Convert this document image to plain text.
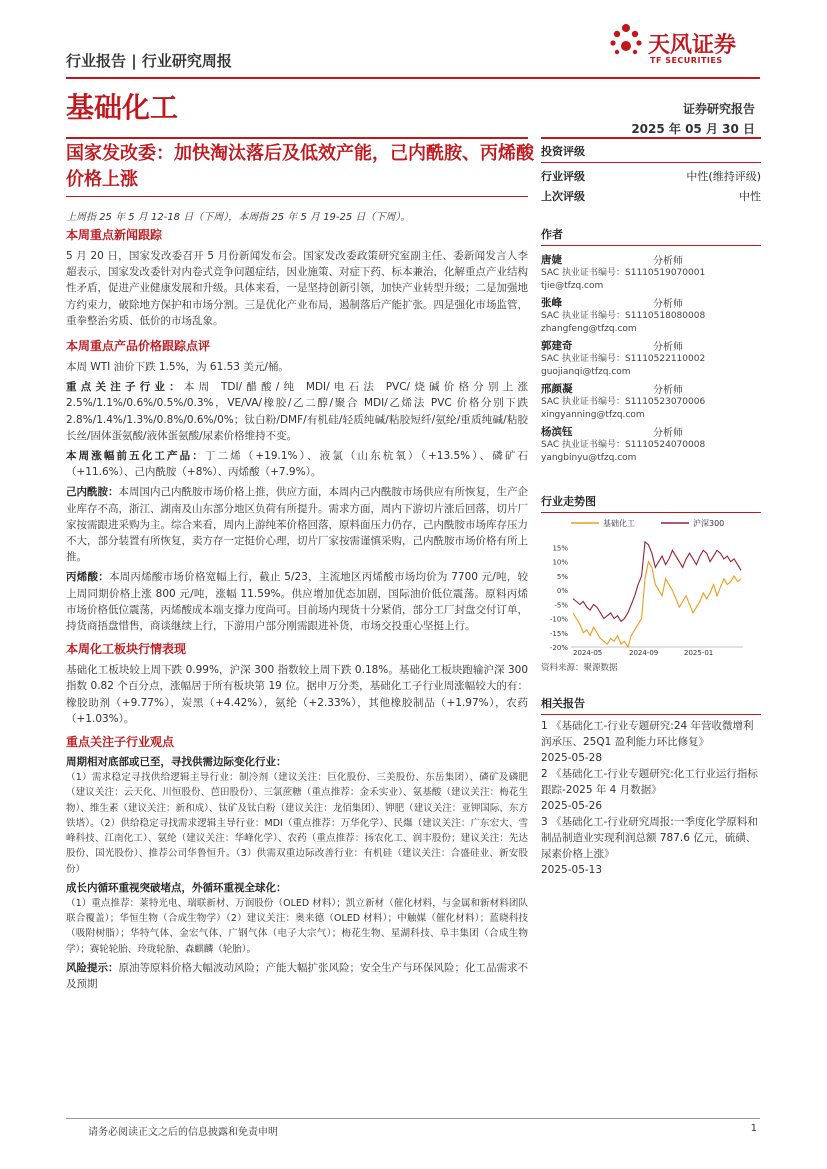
行业报告 | 行业研究周报
天风证券
TF SECURITIES
基础化工	证券研究报告
2025 年 05 月 30 日
国家发改委：加快淘汰落后及低效产能，己内酰胺、丙烯酸价格上涨
上周指 25 年 5 月 12-18 日（下周），本周指 25 年 5 月 19-25 日（下周）。
本周重点新闻跟踪
5 月 20 日，国家发改委召开 5 月份新闻发布会。国家发改委政策研究室副主任、委新闻发言人李超表示，国家发改委针对内卷式竞争问题症结，因业施策、对症下药、标本兼治，化解重点产业结构性矛盾，促进产业健康发展和升级。具体来看，一是坚持创新引领，加快产业转型升级；二是加强地方约束力，破除地方保护和市场分割。三是优化产业布局，遏制落后产能扩张。四是强化市场监管，重拳整治劣质、低价的市场乱象。
本周重点产品价格跟踪点评
本周 WTI 油价下跌 1.5%，为 61.53 美元/桶。
重点关注子行业：本周 TDI/醋酸/纯 MDI/电石法 PVC/烧碱价格分别上涨 2.5%/1.1%/0.6%/0.5%/0.3%，VE/VA/橡胶/乙二醇/聚合 MDI/乙烯法 PVC 价格分别下跌 2.8%/1.4%/1.3%/0.8%/0.6%/0%；钛白粉/DMF/有机硅/轻质纯碱/粘胶短纤/氨纶/重质纯碱/粘胶长丝/固体蛋氨酸/液体蛋氨酸/尿素价格维持不变。
本周涨幅前五化工产品：丁二烯（+19.1%）、液氯（山东杭氧）（+13.5%）、磷矿石（+11.6%）、己内酰胺（+8%）、丙烯酸（+7.9%）。
己内酰胺：本周国内己内酰胺市场价格上推，供应方面，本周内己内酰胺市场供应有所恢复，生产企业库存不高，浙江、湖南及山东部分地区负荷有所提升。需求方面，周内下游切片涨后回落，切片厂家按需跟进采购为主。综合来看，周内上游纯苯价格回落，原料面压力仍存，己内酰胺市场库存压力不大，部分装置有所恢复，卖方存一定挺价心理，切片厂家按需谨慎采购，己内酰胺市场价格有所上推。
丙烯酸：本周丙烯酸市场价格宽幅上行，截止 5/23，主流地区丙烯酸市场均价为 7700 元/吨，较上周同期价格上涨 800 元/吨，涨幅 11.59%。供应增加优态加剧，国际油价低位震荡。原料丙烯市场价格低位震荡，丙烯酸成本端支撑力度尚可。目前场内现货十分紧俏，部分工厂封盘交付订单，持货商捂盘惜售，商谈继续上行，下游用户部分刚需跟进补货，市场交投重心坚挺上行。
本周化工板块行情表现
基础化工板块较上周下跌 0.99%，沪深 300 指数较上周下跌 0.18%。基础化工板块跑输沪深 300 指数 0.82 个百分点，涨幅居于所有板块第 19 位。据申万分类，基础化工子行业周涨幅较大的有：橡胶助剂（+9.77%），炭黑（+4.42%），氨纶（+2.33%），其他橡胶制品（+1.97%），农药（+1.03%）。
重点关注子行业观点
周期相对底部或已至，寻找供需边际变化行业：
（1）需求稳定寻找供给逻辑主导行业：制冷剂（建议关注：巨化股份、三美股份、东岳集团）、磷矿及磷肥（建议关注：云天化、川恒股份、芭田股份）、三氯蔗糖（重点推荐：金禾实业）、氨基酸（建议关注：梅花生物）、维生素（建议关注：新和成）、钛矿及钛白粉（建议关注：龙佰集团）、钾肥（建议关注：亚钾国际、东方铁塔）。（2）供给稳定寻找需求逻辑主导行业：MDI（重点推荐：万华化学）、民爆（建议关注：广东宏大、雪峰科技、江南化工）、氨纶（建议关注：华峰化学）、农药（重点推荐：扬农化工、润丰股份；建议关注：先达股份、国光股份）、推荐公司华鲁恒升。（3）供需双重边际改善行业：有机硅（建议关注：合盛硅业、新安股份）
成长内循环重视突破堵点，外循环重视全球化：
（1）重点推荐：莱特光电、瑞联新材、万润股份（OLED 材料）；凯立新材（催化材料，与金属和新材料团队联合覆盖）；华恒生物（合成生物学）（2）建议关注：奥来德（OLED 材料）；中触媒（催化材料）；蓝晓科技（吸附树脂）；华特气体、金宏气体、广钢气体（电子大宗气）；梅花生物、星湖科技、阜丰集团（合成生物学）；赛轮轮胎、玲珑轮胎、森麒麟（轮胎）。
风险提示：原油等原料价格大幅波动风险；产能大幅扩张风险；安全生产与环保风险；化工品需求不及预期
投资评级
行业评级	中性(维持评级)
上次评级	中性
作者
唐婕	分析师
SAC 执业证书编号：S1110519070001
tjie@tfzq.com
张峰	分析师
SAC 执业证书编号：S1110518080008
zhangfeng@tfzq.com
郭建奇	分析师
SAC 执业证书编号：S1110522110002
guojianqi@tfzq.com
邢颜凝	分析师
SAC 执业证书编号：S1110523070006
xingyanning@tfzq.com
杨滨钰	分析师
SAC 执业证书编号：S1110524070008
yangbinyu@tfzq.com
行业走势图
基础化工	沪深300
15%
10%
5%
0%
-5%
-10%
-15%
-20%
2024-05	2024-09	2025-01
资料来源：聚源数据
相关报告
1 《基础化工-行业专题研究:24 年营收微增利润承压、25Q1 盈利能力环比修复》
2025-05-28
2 《基础化工-行业专题研究:化工行业运行指标跟踪-2025 年 4 月数据》
2025-05-26
3 《基础化工-行业研究周报:一季度化学原料和制品制造业实现利润总额 787.6 亿元，硫磺、尿素价格上涨》
2025-05-13
请务必阅读正文之后的信息披露和免责申明	1
